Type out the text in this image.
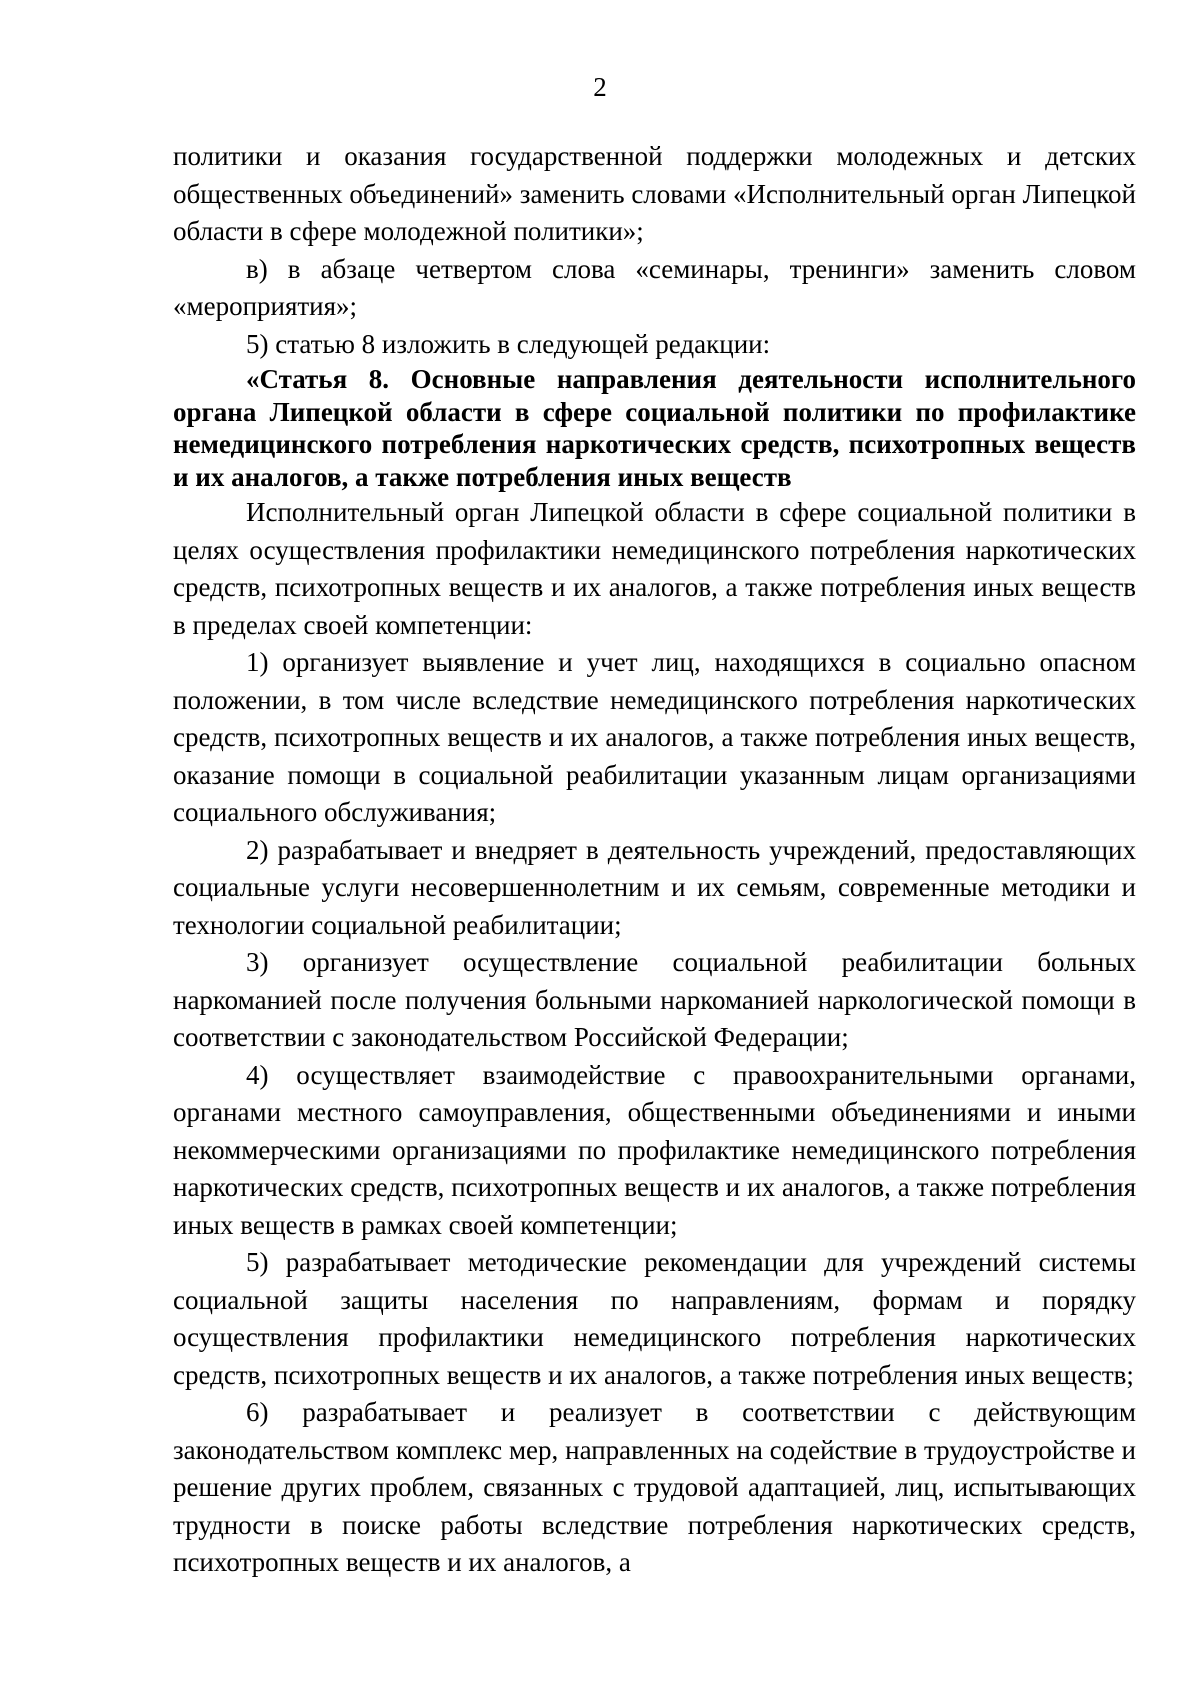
2

политики и оказания государственной поддержки молодежных и детских общественных объединений» заменить словами «Исполнительный орган Липецкой области в сфере молодежной политики»;

в) в абзаце четвертом слова «семинары, тренинги» заменить словом «мероприятия»;

5) статью 8 изложить в следующей редакции:

«Статья 8. Основные направления деятельности исполнительного органа Липецкой области в сфере социальной политики по профилактике немедицинского потребления наркотических средств, психотропных веществ и их аналогов, а также потребления иных веществ

Исполнительный орган Липецкой области в сфере социальной политики в целях осуществления профилактики немедицинского потребления наркотических средств, психотропных веществ и их аналогов, а также потребления иных веществ в пределах своей компетенции:

1) организует выявление и учет лиц, находящихся в социально опасном положении, в том числе вследствие немедицинского потребления наркотических средств, психотропных веществ и их аналогов, а также потребления иных веществ, оказание помощи в социальной реабилитации указанным лицам организациями социального обслуживания;

2) разрабатывает и внедряет в деятельность учреждений, предоставляющих социальные услуги несовершеннолетним и их семьям, современные методики и технологии социальной реабилитации;

3) организует осуществление социальной реабилитации больных наркоманией после получения больными наркоманией наркологической помощи в соответствии с законодательством Российской Федерации;

4) осуществляет взаимодействие с правоохранительными органами, органами местного самоуправления, общественными объединениями и иными некоммерческими организациями по профилактике немедицинского потребления наркотических средств, психотропных веществ и их аналогов, а также потребления иных веществ в рамках своей компетенции;

5) разрабатывает методические рекомендации для учреждений системы социальной защиты населения по направлениям, формам и порядку осуществления профилактики немедицинского потребления наркотических средств, психотропных веществ и их аналогов, а также потребления иных веществ;

6) разрабатывает и реализует в соответствии с действующим законодательством комплекс мер, направленных на содействие в трудоустройстве и решение других проблем, связанных с трудовой адаптацией, лиц, испытывающих трудности в поиске работы вследствие потребления наркотических средств, психотропных веществ и их аналогов, а
